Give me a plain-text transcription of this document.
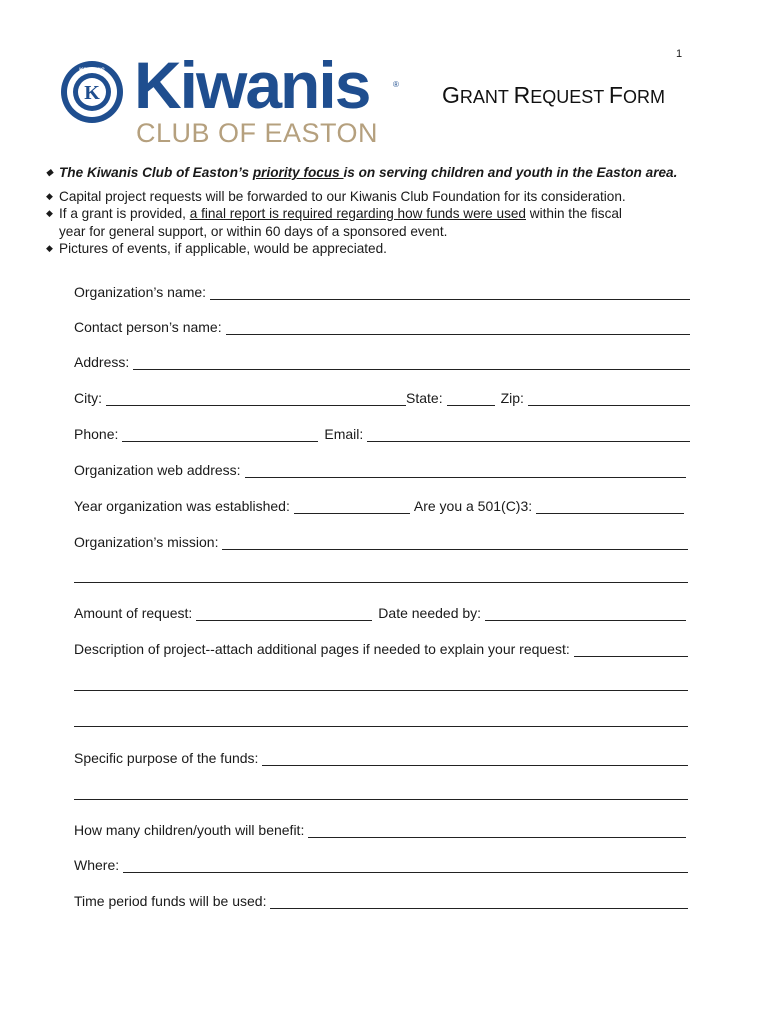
1
K
KIWANIS Kiwanis	®
CLUB OF EASTON
GRANT REQUEST FORM
◆ The Kiwanis Club of Easton’s priority focus is on serving children and youth in the Easton area.
◆ Capital project requests will be forwarded to our Kiwanis Club Foundation for its consideration.
◆ If a grant is provided, a final report is required regarding how funds were used within the fiscal
year for general support, or within 60 days of a sponsored event.
◆ Pictures of events, if applicable, would be appreciated.
Organization’s name:
Contact person’s name:
Address:
City:	State:	Zip:
Phone:	Email:
Organization web address:
Year organization was established:	Are you a 501(C)3:
Organization’s mission:
Amount of request:	Date needed by:
Description of project--attach additional pages if needed to explain your request:
Specific purpose of the funds:
How many children/youth will benefit:
Where:
Time period funds will be used:
